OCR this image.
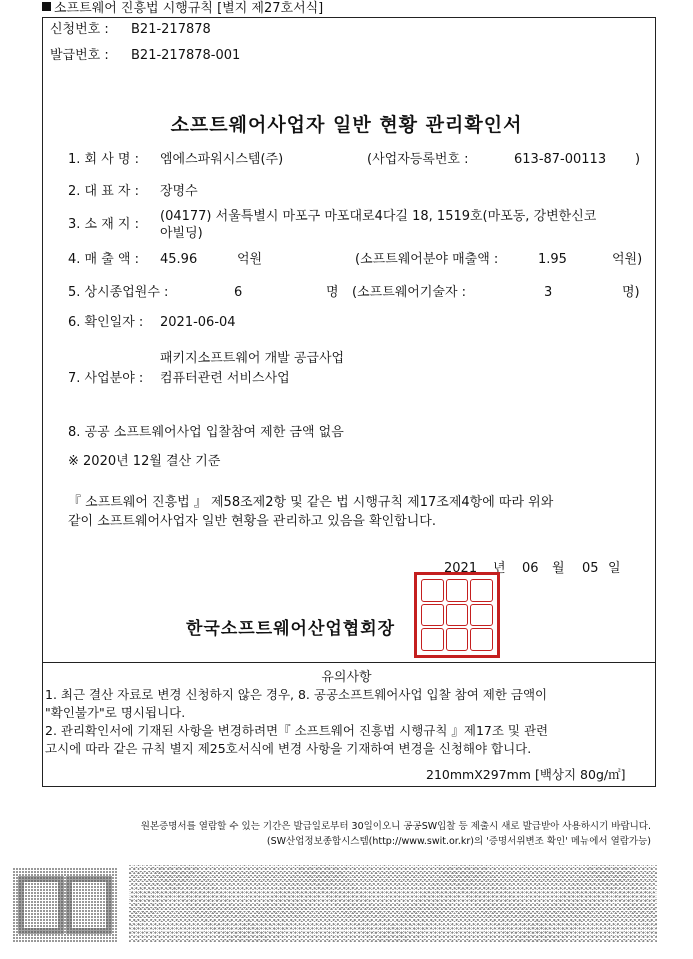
소프트웨어 진흥법 시행규칙 [별지 제27호서식]
신청번호 : B21-217878
발급번호 : B21-217878-001
소프트웨어사업자 일반 현황 관리확인서
1. 회 사 명 : 엠에스파워시스템(주)	(사업자등록번호 :	613-87-00113 )
2. 대 표 자 : 장명수
3. 소 재 지 :
(04177) 서울특별시 마포구 마포대로4다길 18, 1519호(마포동, 강변한신코
아빌딩)
4. 매 출 액 : 45.96	억원	(소프트웨어분야 매출액 :	1.95	억원)
5. 상시종업원수 :	6	명 (소프트웨어기술자 :	3	명)
6. 확인일자 : 2021-06-04
패키지소프트웨어 개발 공급사업
7. 사업분야 : 컴퓨터관련 서비스사업
8. 공공 소프트웨어사업 입찰참여 제한 금액 없음
※ 2020년 12월 결산 기준
『 소프트웨어 진흥법 』 제58조제2항 및 같은 법 시행규칙 제17조제4항에 따라 위와
같이 소프트웨어사업자 일반 현황을 관리하고 있음을 확인합니다.
2021 년 06 월 05 일
한국소프트웨어산업협회장
유의사항
1. 최근 결산 자료로 변경 신청하지 않은 경우, 8. 공공소프트웨어사업 입찰 참여 제한 금액이
"확인불가"로 명시됩니다.
2. 관리확인서에 기재된 사항을 변경하려면『 소프트웨어 진흥법 시행규칙 』제17조 및 관련
고시에 따라 같은 규칙 별지 제25호서식에 변경 사항을 기재하여 변경을 신청해야 합니다.
210mmX297mm [백상지 80g/㎡]
원본증명서를 열람할 수 있는 기간은 발급일로부터 30일이오니 공공SW입찰 등 제출시 새로 발급받아 사용하시기 바랍니다.
(SW산업정보종합시스템(http://www.swit.or.kr)의 '증명서위변조 확인' 메뉴에서 열람가능)
